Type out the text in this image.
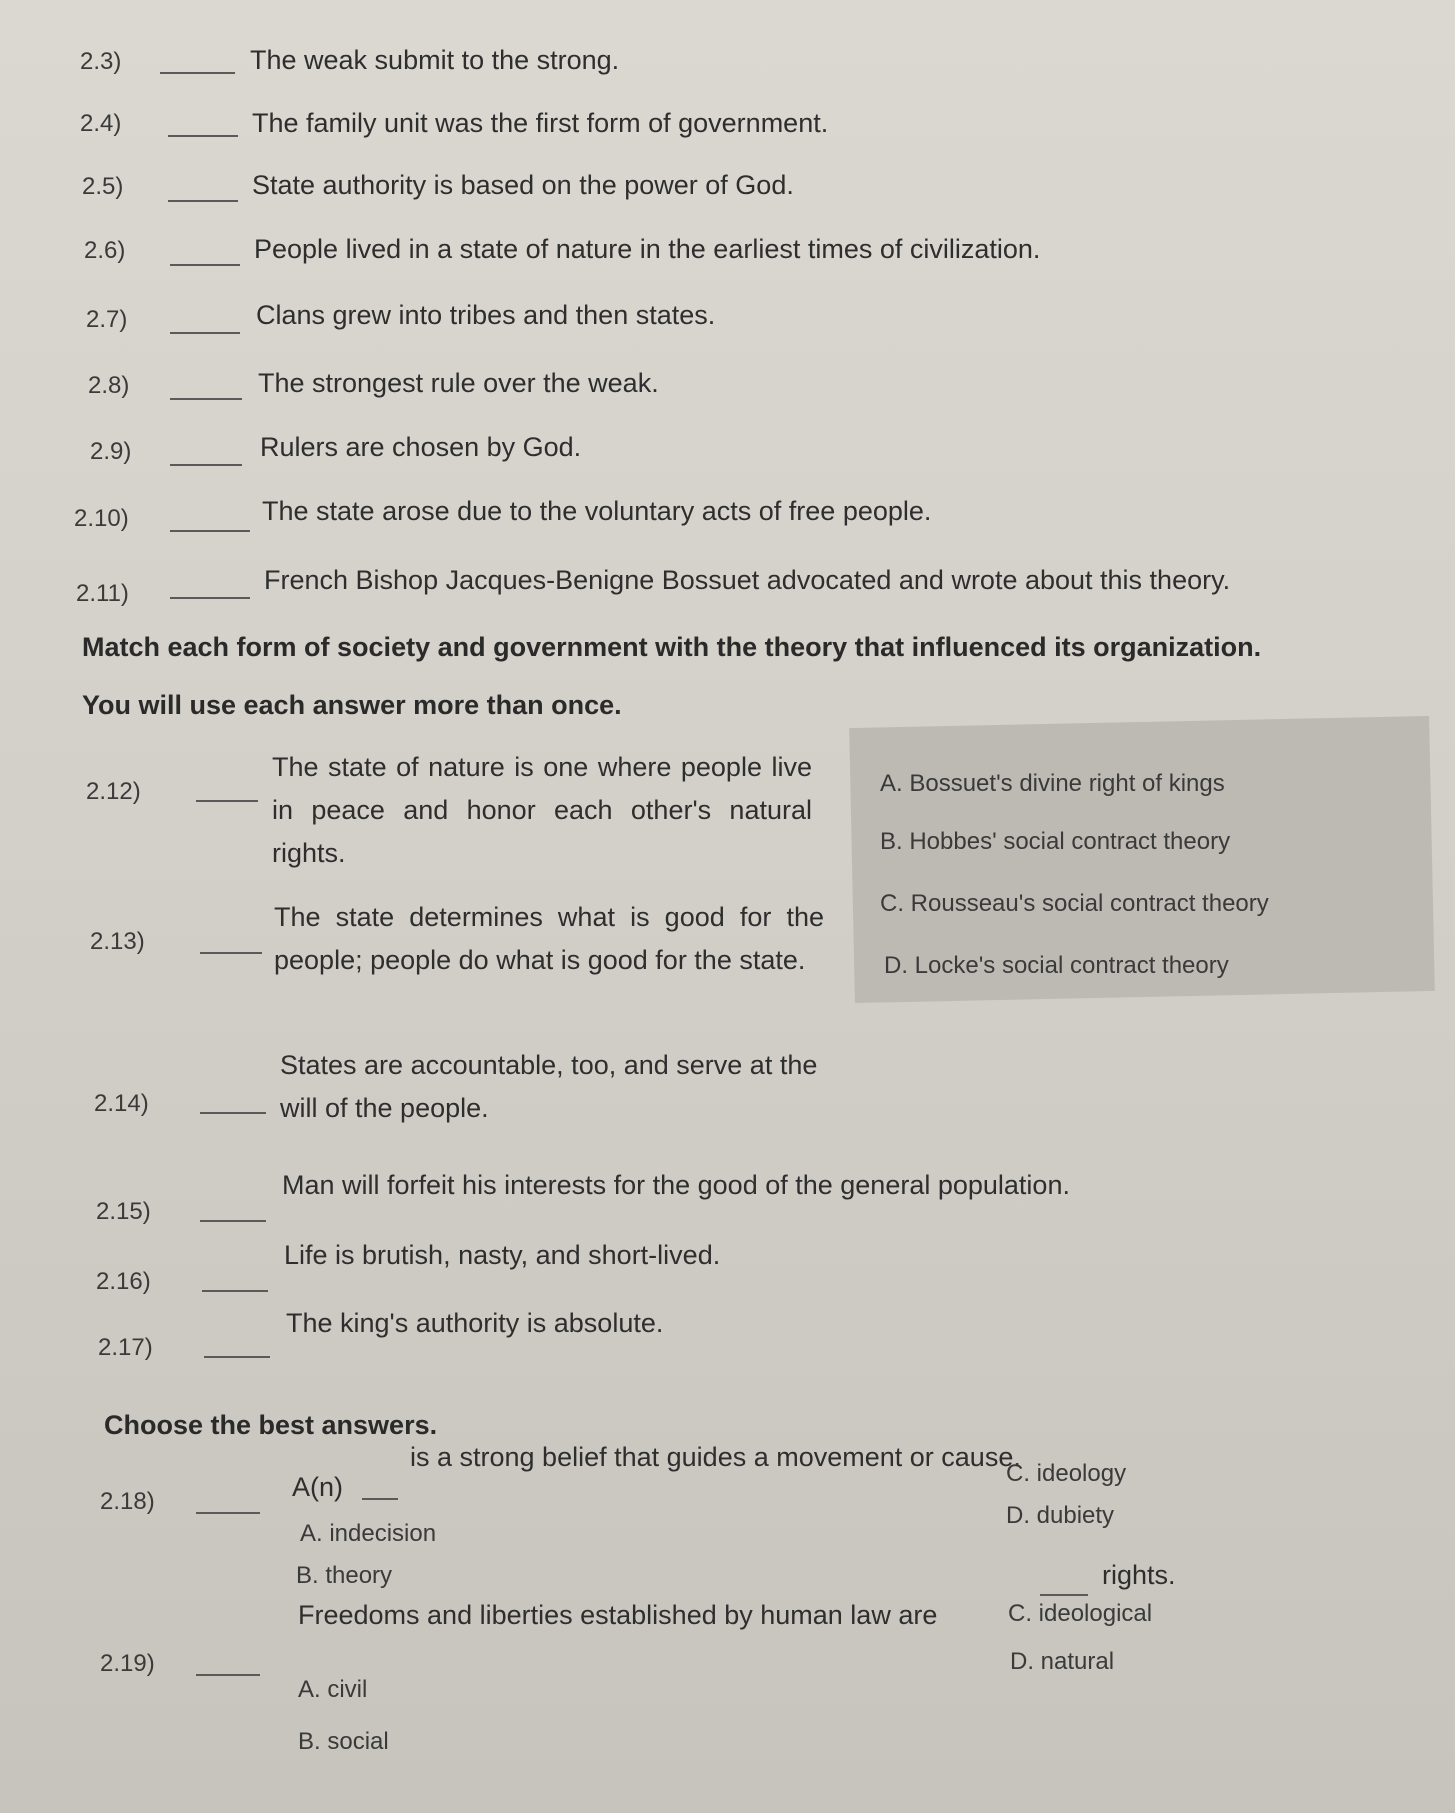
2.3)	The weak submit to the strong.
2.4)	The family unit was the first form of government.
2.5)	State authority is based on the power of God.
2.6)	People lived in a state of nature in the earliest times of civilization.
2.7)	Clans grew into tribes and then states.
2.8)	The strongest rule over the weak.
2.9)	Rulers are chosen by God.
2.10)	The state arose due to the voluntary acts of free people.
2.11)	French Bishop Jacques-Benigne Bossuet advocated and wrote about this theory.
Match each form of society and government with the theory that influenced its organization.
You will use each answer more than once.
A. Bossuet's divine right of kings
B. Hobbes' social contract theory
C. Rousseau's social contract theory
D. Locke's social contract theory
2.12)
The state of nature is one where people live in peace and honor each other's natural rights.
2.13)
The state determines what is good for the people; people do what is good for the state.
2.14)
States are accountable, too, and serve at the will of the people.
2.15)
Man will forfeit his interests for the good of the general population.
2.16)
Life is brutish, nasty, and short-lived.
2.17)
The king's authority is absolute.
Choose the best answers.
2.18)	A(n)
is a strong belief that guides a movement or cause.
A. indecision
B. theory
C. ideology
D. dubiety
2.19)
Freedoms and liberties established by human law are
rights.
A. civil
B. social
C. ideological
D. natural
